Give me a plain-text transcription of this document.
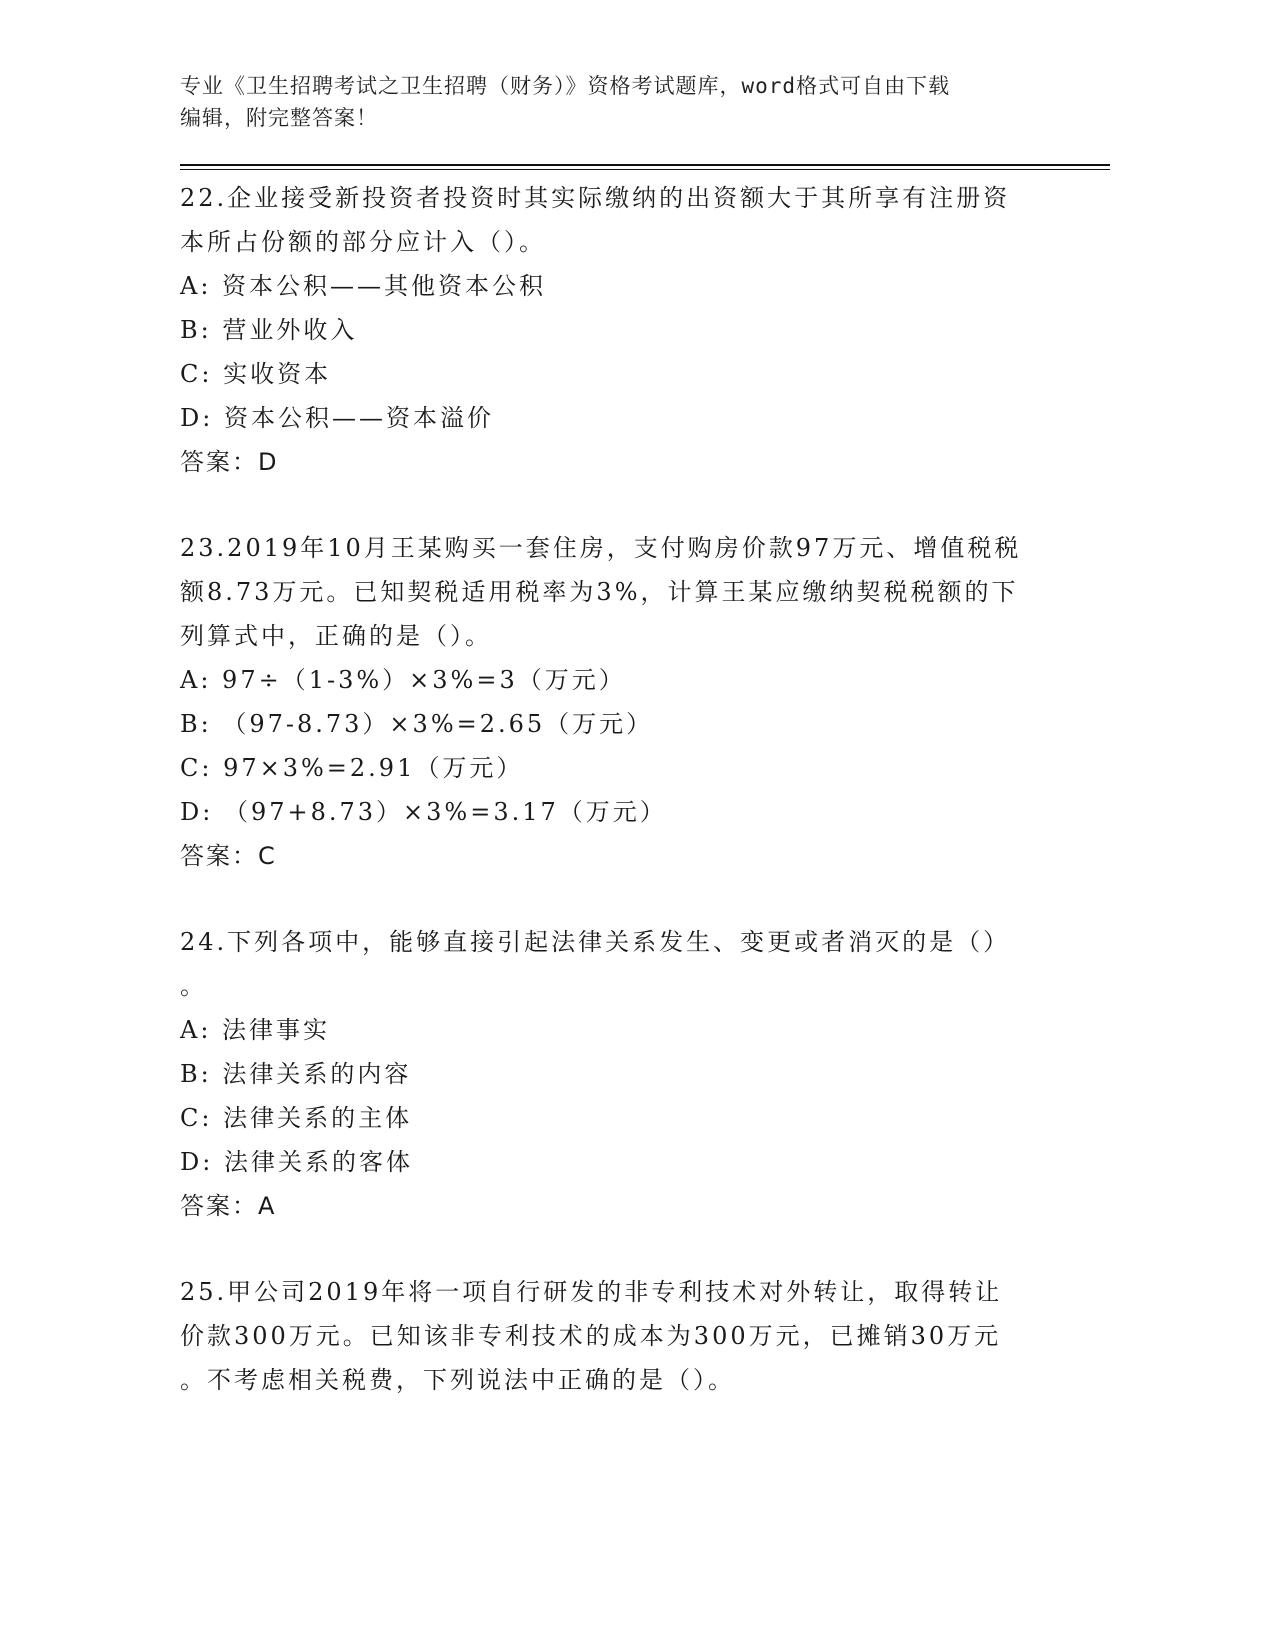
专业《卫生招聘考试之卫生招聘（财务）》资格考试题库，word格式可自由下载
编辑，附完整答案！

22.企业接受新投资者投资时其实际缴纳的出资额大于其所享有注册资

本所占份额的部分应计入（）。

A: 资本公积——其他资本公积

B: 营业外收入

C: 实收资本

D: 资本公积——资本溢价

答案：D

23.2019年10月王某购买一套住房，支付购房价款97万元、增值税税

额8.73万元。已知契税适用税率为3%，计算王某应缴纳契税税额的下

列算式中，正确的是（）。

A: 97÷（1-3%）×3%=3（万元）

B: （97-8.73）×3%=2.65（万元）

C: 97×3%=2.91（万元）

D: （97+8.73）×3%=3.17（万元）

答案：C

24.下列各项中，能够直接引起法律关系发生、变更或者消灭的是（）

。

A: 法律事实

B: 法律关系的内容

C: 法律关系的主体

D: 法律关系的客体

答案：A

25.甲公司2019年将一项自行研发的非专利技术对外转让，取得转让

价款300万元。已知该非专利技术的成本为300万元，已摊销30万元

。不考虑相关税费，下列说法中正确的是（）。
